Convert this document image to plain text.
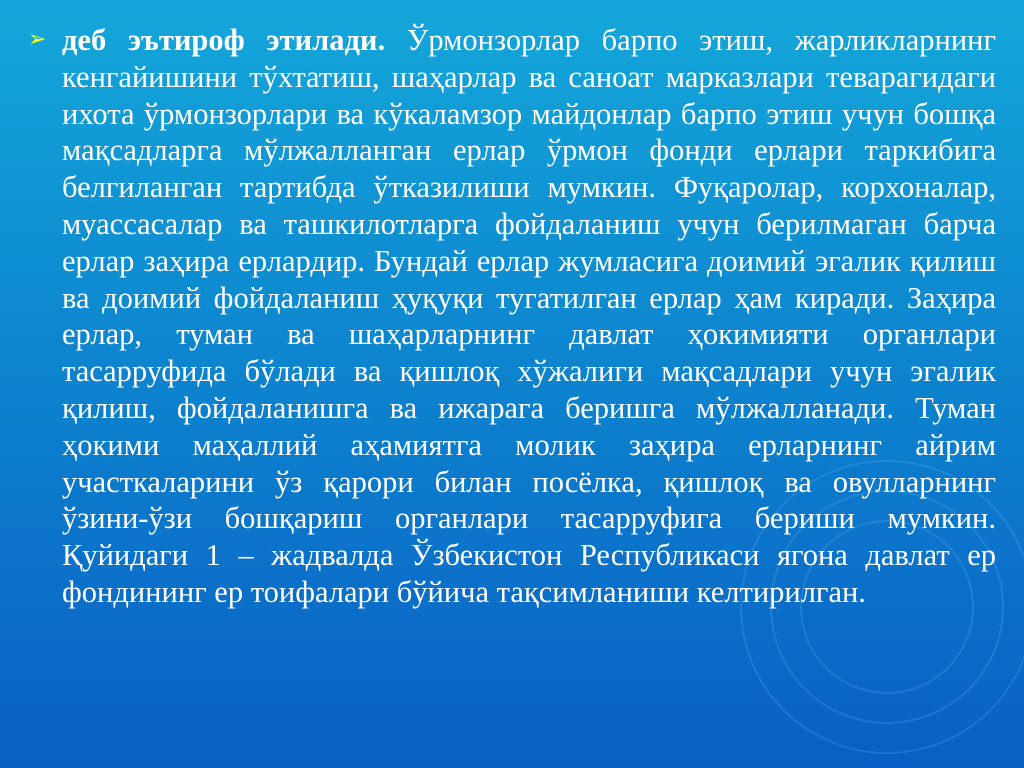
➢ деб эътироф этилади. Ўрмонзорлар барпо этиш, жарликларнинг кенгайишини тўхтатиш, шаҳарлар ва саноат марказлари теварагидаги ихота ўрмонзорлари ва кўкаламзор майдонлар барпо этиш учун бошқа мақсадларга мўлжалланган ерлар ўрмон фонди ерлари таркибига белгиланган тартибда ўтказилиши мумкин. Фуқаролар, корхоналар, муассасалар ва ташкилотларга фойдаланиш учун берилмаган барча ерлар заҳира ерлардир. Бундай ерлар жумласига доимий эгалик қилиш ва доимий фойдаланиш ҳуқуқи тугатилган ерлар ҳам киради. Заҳира ерлар, туман ва шаҳарларнинг давлат ҳокимияти органлари тасарруфида бўлади ва қишлоқ хўжалиги мақсадлари учун эгалик қилиш, фойдаланишга ва ижарага беришга мўлжалланади. Туман ҳокими маҳаллий аҳамиятга молик заҳира ерларнинг айрим участкаларини ўз қарори билан посёлка, қишлоқ ва овулларнинг ўзини-ўзи бошқариш органлари тасарруфига бериши мумкин. Қуйидаги 1 – жадвалда Ўзбекистон Республикаси ягона давлат ер фондининг ер тоифалари бўйича тақсимланиши келтирилган.
